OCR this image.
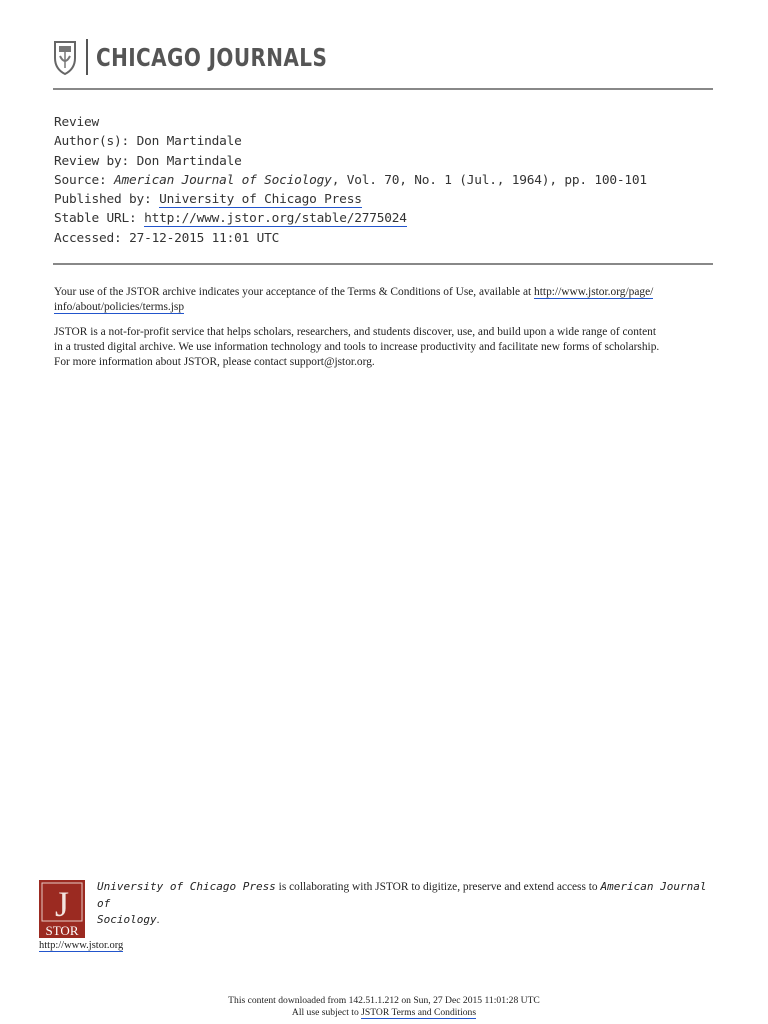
CHICAGO JOURNALS
Review
Author(s): Don Martindale
Review by: Don Martindale
Source: American Journal of Sociology, Vol. 70, No. 1 (Jul., 1964), pp. 100-101
Published by: University of Chicago Press
Stable URL: http://www.jstor.org/stable/2775024
Accessed: 27-12-2015 11:01 UTC

Your use of the JSTOR archive indicates your acceptance of the Terms & Conditions of Use, available at http://www.jstor.org/page/
info/about/policies/terms.jsp

JSTOR is a not-for-profit service that helps scholars, researchers, and students discover, use, and build upon a wide range of content
in a trusted digital archive. We use information technology and tools to increase productivity and facilitate new forms of scholarship.
For more information about JSTOR, please contact support@jstor.org.

J
STOR
University of Chicago Press is collaborating with JSTOR to digitize, preserve and extend access to American Journal of
Sociology.
http://www.jstor.org
This content downloaded from 142.51.1.212 on Sun, 27 Dec 2015 11:01:28 UTC
All use subject to JSTOR Terms and Conditions
